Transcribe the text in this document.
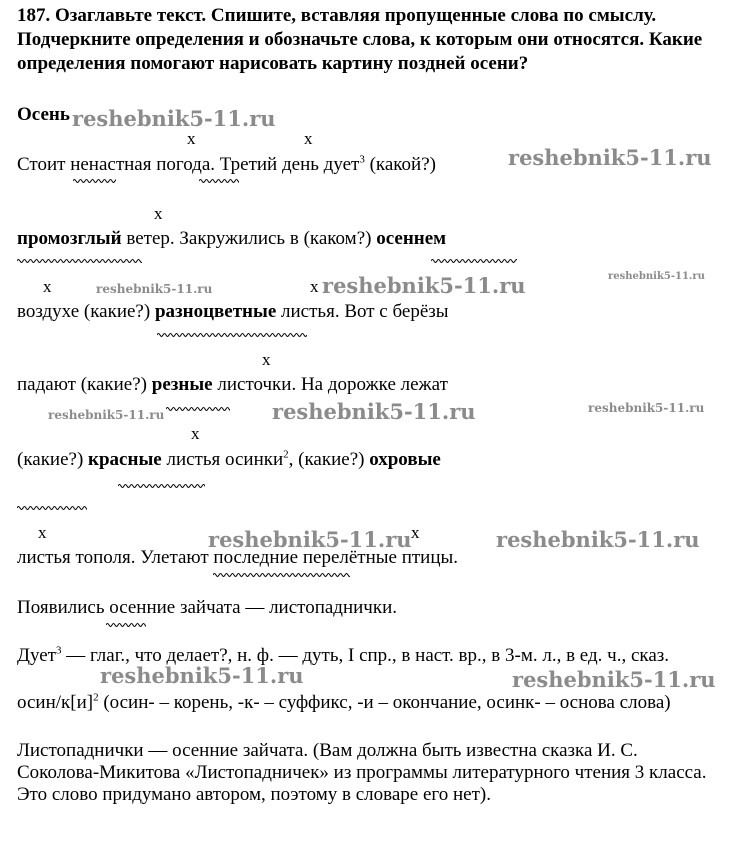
187. Озаглавьте текст. Спишите, вставляя пропущенные слова по смыслу. Подчеркните определения и обозначьте слова, к которым они относятся. Какие определения помогают нарисовать картину поздней осени?
Осень reshebnik5-11.ru
reshebnik5-11.ru
reshebnik5-11.ru	reshebnik5-11.ru	reshebnik5-11.ru
reshebnik5-11.ru	reshebnik5-11.ru	reshebnik5-11.ru
reshebnik5-11.ru	reshebnik5-11.ru
reshebnik5-11.ru	reshebnik5-11.ru
x	x
x
x	x
x
x
x	x
Стоит ненастная погода. Третий день дует$^3$ (какой?)
промозглый ветер. Закружились в (каком?) осеннем
воздухе (какие?) разноцветные листья. Вот с берёзы
падают (какие?) резные листочки. На дорожке лежат
(какие?) красные листья осинки$^2$, (какие?) охровые
листья тополя. Улетают последние перелётные птицы.
Появились осенние зайчата — листопаднички.
Дует$^3$ — глаг., что делает?, н. ф. — дуть, I спр., в наст. вр., в 3-м. л., в ед. ч., сказ.
осин/$к[и]^2$ (осин- – корень, -к- – суффикс, -и – окончание, осинк- – основа слова)
Листопаднички — осенние зайчата. (Вам должна быть известна сказка И. С. Соколова-Микитова «Листопадничек» из программы литературного чтения 3 класса. Это слово придумано автором, поэтому в словаре его нет).
